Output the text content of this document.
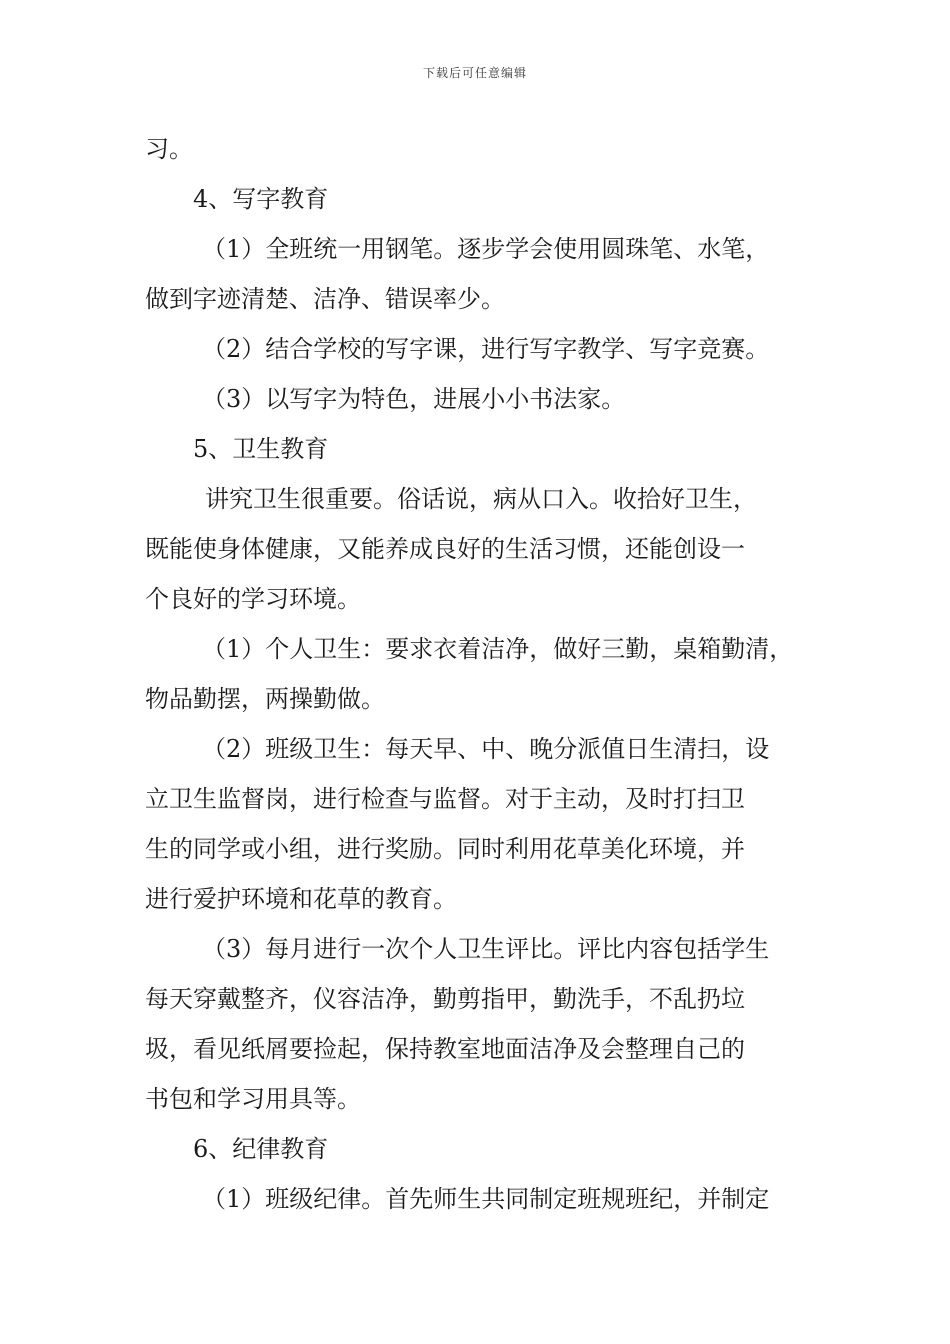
下载后可任意编辑
习。
4、写字教育
（1）全班统一用钢笔。逐步学会使用圆珠笔、水笔，
做到字迹清楚、洁净、错误率少。
（2）结合学校的写字课，进行写字教学、写字竞赛。
（3）以写字为特色，进展小小书法家。
5、卫生教育
讲究卫生很重要。俗话说，病从口入。收拾好卫生，
既能使身体健康，又能养成良好的生活习惯，还能创设一
个良好的学习环境。
（1）个人卫生：要求衣着洁净，做好三勤，桌箱勤清，
物品勤摆，两操勤做。
（2）班级卫生：每天早、中、晚分派值日生清扫，设
立卫生监督岗，进行检查与监督。对于主动，及时打扫卫
生的同学或小组，进行奖励。同时利用花草美化环境，并
进行爱护环境和花草的教育。
（3）每月进行一次个人卫生评比。评比内容包括学生
每天穿戴整齐，仪容洁净，勤剪指甲，勤洗手，不乱扔垃
圾，看见纸屑要捡起，保持教室地面洁净及会整理自己的
书包和学习用具等。
6、纪律教育
（1）班级纪律。首先师生共同制定班规班纪，并制定
